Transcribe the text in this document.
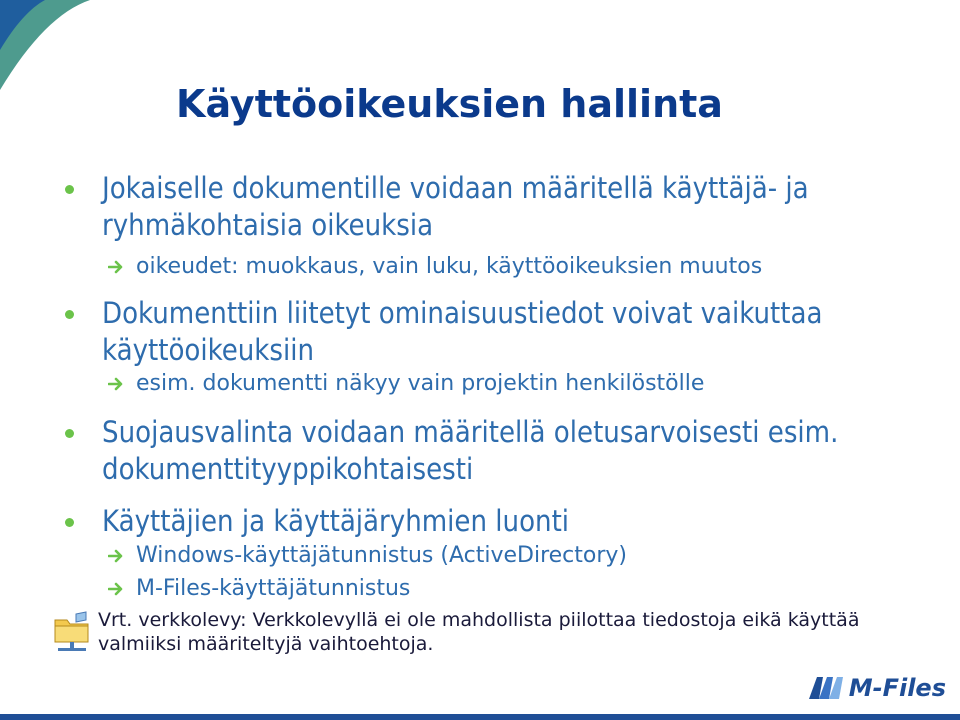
Käyttöoikeuksien hallinta
Jokaiselle dokumentille voidaan määritellä käyttäjä- ja ryhmäkohtaisia oikeuksia
oikeudet: muokkaus, vain luku, käyttöoikeuksien muutos
Dokumenttiin liitetyt ominaisuustiedot voivat vaikuttaa käyttöoikeuksiin
esim. dokumentti näkyy vain projektin henkilöstölle
Suojausvalinta voidaan määritellä oletusarvoisesti esim. dokumenttityyppikohtaisesti
Käyttäjien ja käyttäjäryhmien luonti
Windows-käyttäjätunnistus (ActiveDirectory)
M-Files-käyttäjätunnistus
Vrt. verkkolevy: Verkkolevyllä ei ole mahdollista piilottaa tiedostoja eikä käyttää valmiiksi määriteltyjä vaihtoehtoja.
M-Files
